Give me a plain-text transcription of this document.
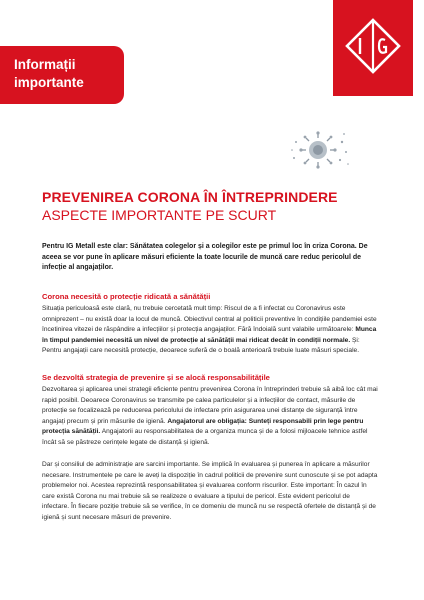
Informații
importante
PREVENIREA CORONA ÎN ÎNTREPRINDERE
ASPECTE IMPORTANTE PE SCURT

Pentru IG Metall este clar: Sănătatea colegelor și a colegilor este pe primul loc în criza Corona. De aceea se vor pune în aplicare măsuri eficiente la toate locurile de muncă care reduc pericolul de infecție al angajaților.

Corona necesită o protecție ridicată a sănătății

Situația periculoasă este clară, nu trebuie cercetată mult timp: Riscul de a fi infectat cu Coronavirus este omniprezent – nu există doar la locul de muncă. Obiectivul central al politicii preventive în condițiile pandemiei este încetinirea vitezei de răspândire a infecțiilor și protecția angajaților. Fără îndoială sunt valabile următoarele: Munca în timpul pandemiei necesită un nivel de protecție al sănătății mai ridicat decât în condiții normale. Și: Pentru angajații care necesită protecție, deoarece suferă de o boală anterioară trebuie luate măsuri speciale.

Se dezvoltă strategia de prevenire și se alocă responsabilitățile

Dezvoltarea și aplicarea unei strategii eficiente pentru prevenirea Corona în întreprinderi trebuie să aibă loc cât mai rapid posibil. Deoarece Coronavirus se transmite pe calea particulelor și a infecțiilor de contact, măsurile de protecție se focalizează pe reducerea pericolului de infectare prin asigurarea unei distanțe de siguranță între angajați precum și prin măsurile de igienă. Angajatorul are obligația: Sunteți responsabili prin lege pentru protecția sănătății. Angajatorii au responsabilitatea de a organiza munca și de a folosi mijloacele tehnice astfel încât să se păstreze cerințele legate de distanță și igienă.

Dar și consiliul de administrație are sarcini importante. Se implică în evaluarea și punerea în aplicare a măsurilor necesare. Instrumentele pe care le aveți la dispoziție în cadrul politicii de prevenire sunt cunoscute și se pot adapta problemelor noi. Acestea reprezintă responsabilitatea și evaluarea conform riscurilor. Este important: În cazul în care există Corona nu mai trebuie să se realizeze o evaluare a tipului de pericol. Este evident pericolul de infectare. În fiecare poziție trebuie să se verifice, în ce domeniu de muncă nu se respectă ofertele de distanță și de igienă și sunt necesare măsuri de prevenire.
